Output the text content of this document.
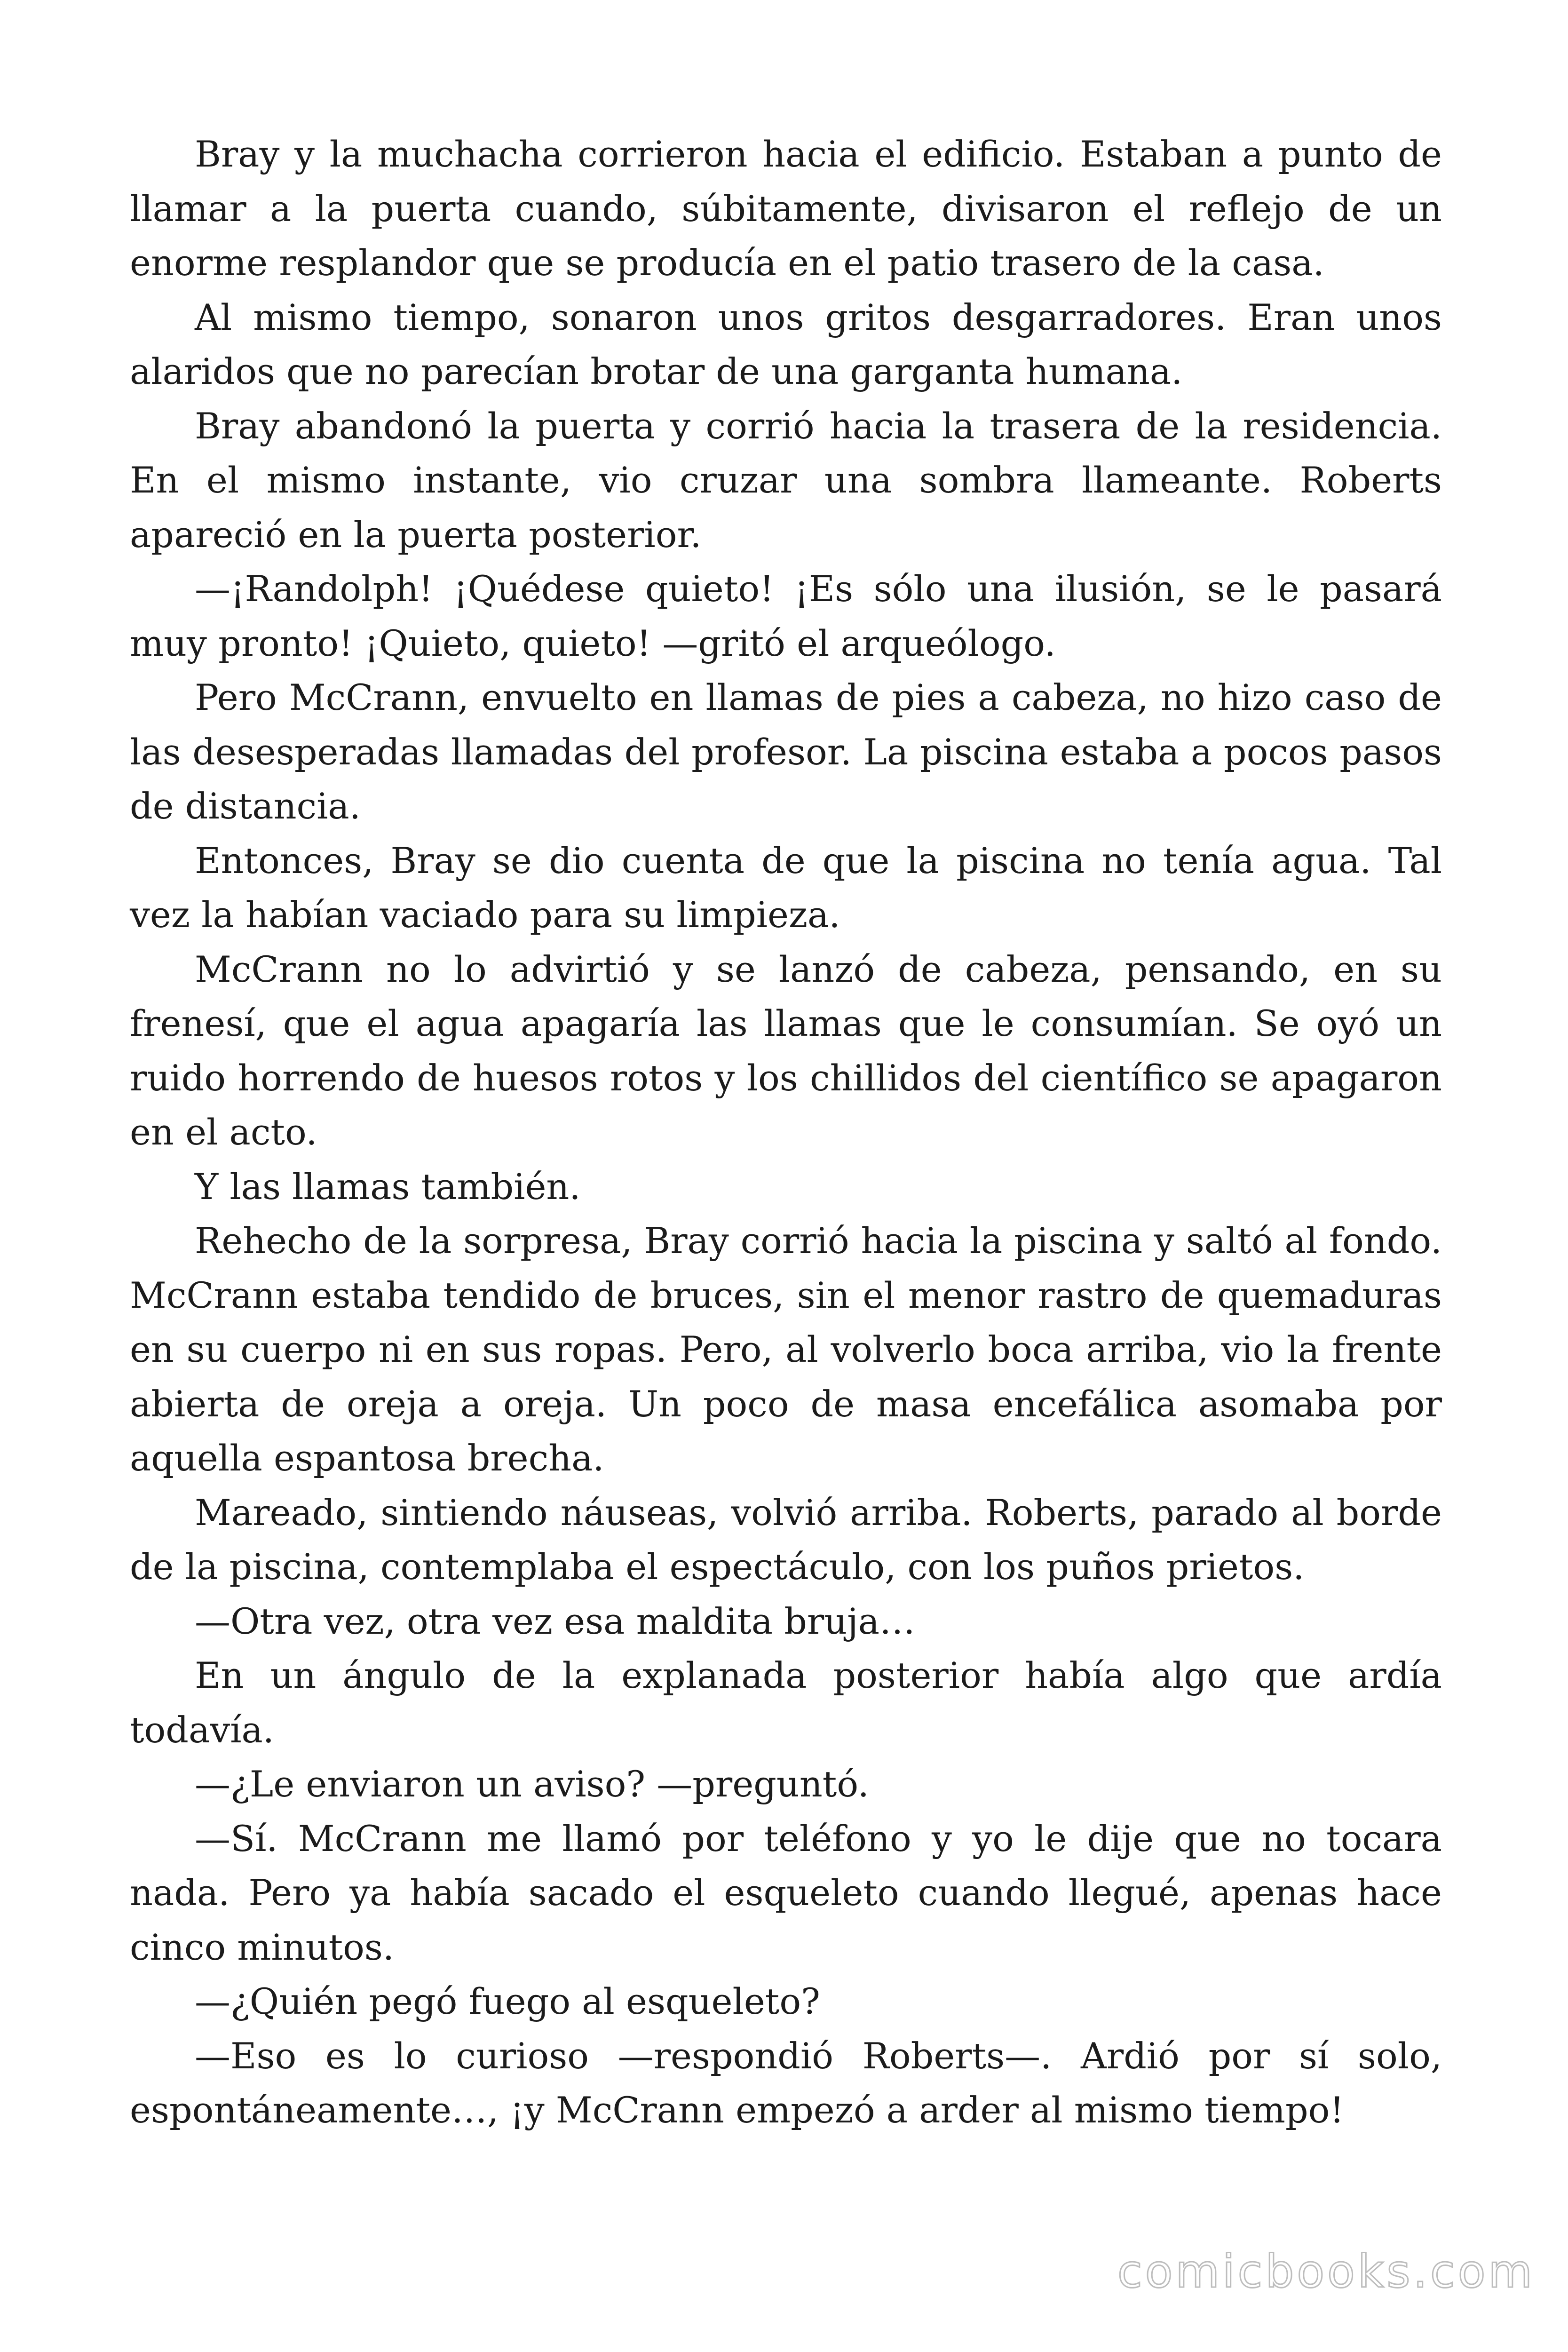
Bray y la muchacha corrieron hacia el edificio. Estaban a punto de llamar a la puerta cuando, súbitamente, divisaron el reflejo de un enorme resplandor que se producía en el patio trasero de la casa.

Al mismo tiempo, sonaron unos gritos desgarradores. Eran unos alaridos que no parecían brotar de una garganta humana.

Bray abandonó la puerta y corrió hacia la trasera de la residencia. En el mismo instante, vio cruzar una sombra llameante. Roberts apareció en la puerta posterior.

—¡Randolph! ¡Quédese quieto! ¡Es sólo una ilusión, se le pasará muy pronto! ¡Quieto, quieto! —gritó el arqueólogo.

Pero McCrann, envuelto en llamas de pies a cabeza, no hizo caso de las desesperadas llamadas del profesor. La piscina estaba a pocos pasos de distancia.

Entonces, Bray se dio cuenta de que la piscina no tenía agua. Tal vez la habían vaciado para su limpieza.

McCrann no lo advirtió y se lanzó de cabeza, pensando, en su frenesí, que el agua apagaría las llamas que le consumían. Se oyó un ruido horrendo de huesos rotos y los chillidos del científico se apagaron en el acto.

Y las llamas también.

Rehecho de la sorpresa, Bray corrió hacia la piscina y saltó al fondo. McCrann estaba tendido de bruces, sin el menor rastro de quemaduras en su cuerpo ni en sus ropas. Pero, al volverlo boca arriba, vio la frente abierta de oreja a oreja. Un poco de masa encefálica asomaba por aquella espantosa brecha.

Mareado, sintiendo náuseas, volvió arriba. Roberts, parado al borde de la piscina, contemplaba el espectáculo, con los puños prietos.

—Otra vez, otra vez esa maldita bruja…

En un ángulo de la explanada posterior había algo que ardía todavía.

—¿Le enviaron un aviso? —preguntó.

—Sí. McCrann me llamó por teléfono y yo le dije que no tocara nada. Pero ya había sacado el esqueleto cuando llegué, apenas hace cinco minutos.

—¿Quién pegó fuego al esqueleto?

—Eso es lo curioso —respondió Roberts—. Ardió por sí solo, espontáneamente…, ¡y McCrann empezó a arder al mismo tiempo!

comicbooks.com
